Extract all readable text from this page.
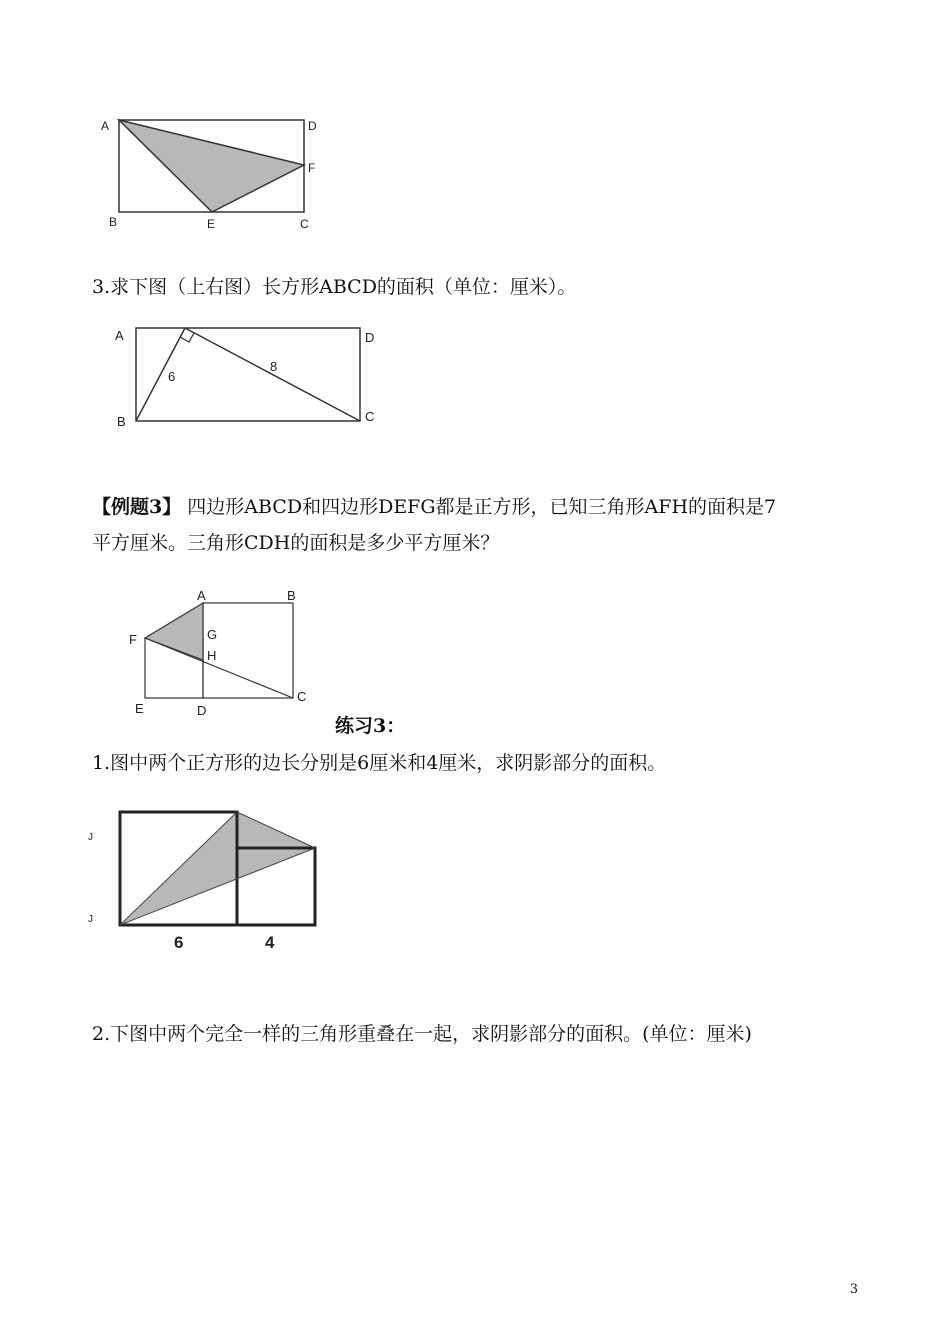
A	D
F
B	E	C
3.求下图（上右图）长方形ABCD的面积（单位：厘米）。
A	D
B	C
6
8
【例题3】 四边形ABCD和四边形DEFG都是正方形，已知三角形AFH的面积是7
平方厘米。三角形CDH的面积是多少平方厘米？
A	B
G
H
F
C
E	D
练习3：
1.图中两个正方形的边长分别是6厘米和4厘米，求阴影部分的面积。
J
J
6	4
2.下图中两个完全一样的三角形重叠在一起，求阴影部分的面积。(单位：厘米)
3
